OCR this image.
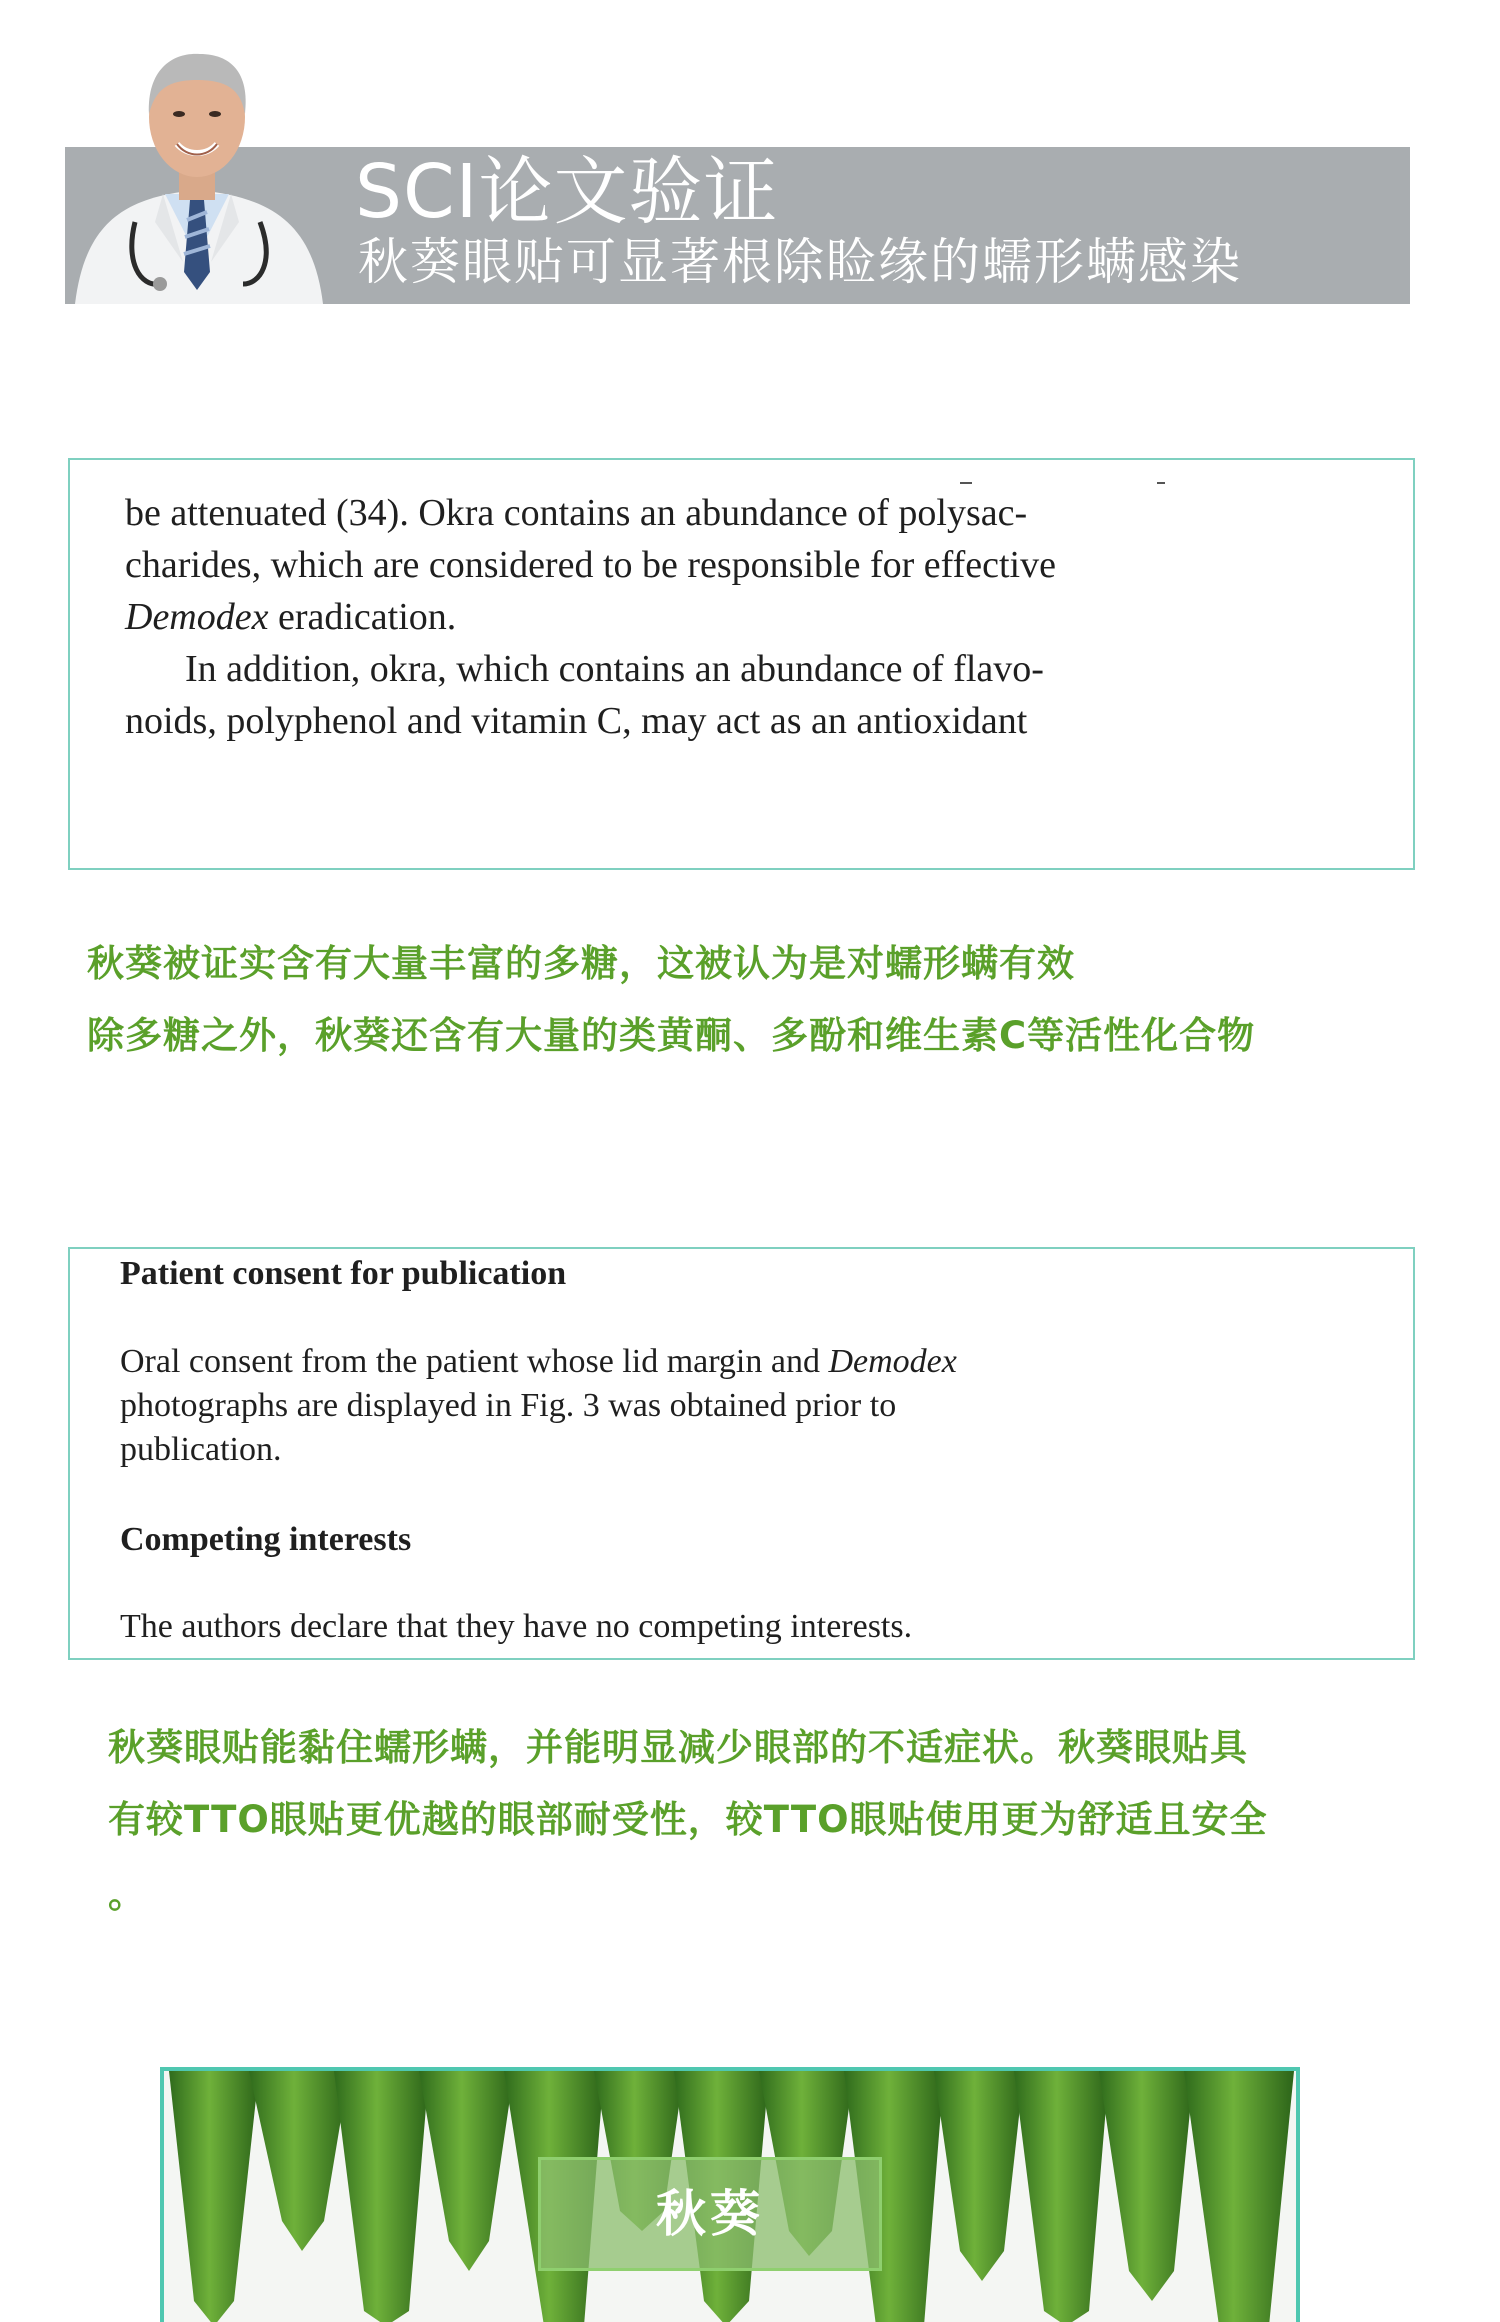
SCI论文验证
秋葵眼贴可显著根除睑缘的蠕形螨感染
be attenuated (34). Okra contains an abundance of polysac-
charides, which are considered to be responsible for effective
Demodex eradication.
In addition, okra, which contains an abundance of flavo-
noids, polyphenol and vitamin C, may act as an antioxidant
秋葵被证实含有大量丰富的多糖，这被认为是对蠕形螨有效
除多糖之外，秋葵还含有大量的类黄酮、多酚和维生素C等活性化合物
Patient consent for publication
Oral consent from the patient whose lid margin and Demodex
photographs are displayed in Fig. 3 was obtained prior to
publication.
Competing interests
The authors declare that they have no competing interests.
秋葵眼贴能黏住蠕形螨，并能明显减少眼部的不适症状。秋葵眼贴具
有较TTO眼贴更优越的眼部耐受性，较TTO眼贴使用更为舒适且安全
。
秋葵
